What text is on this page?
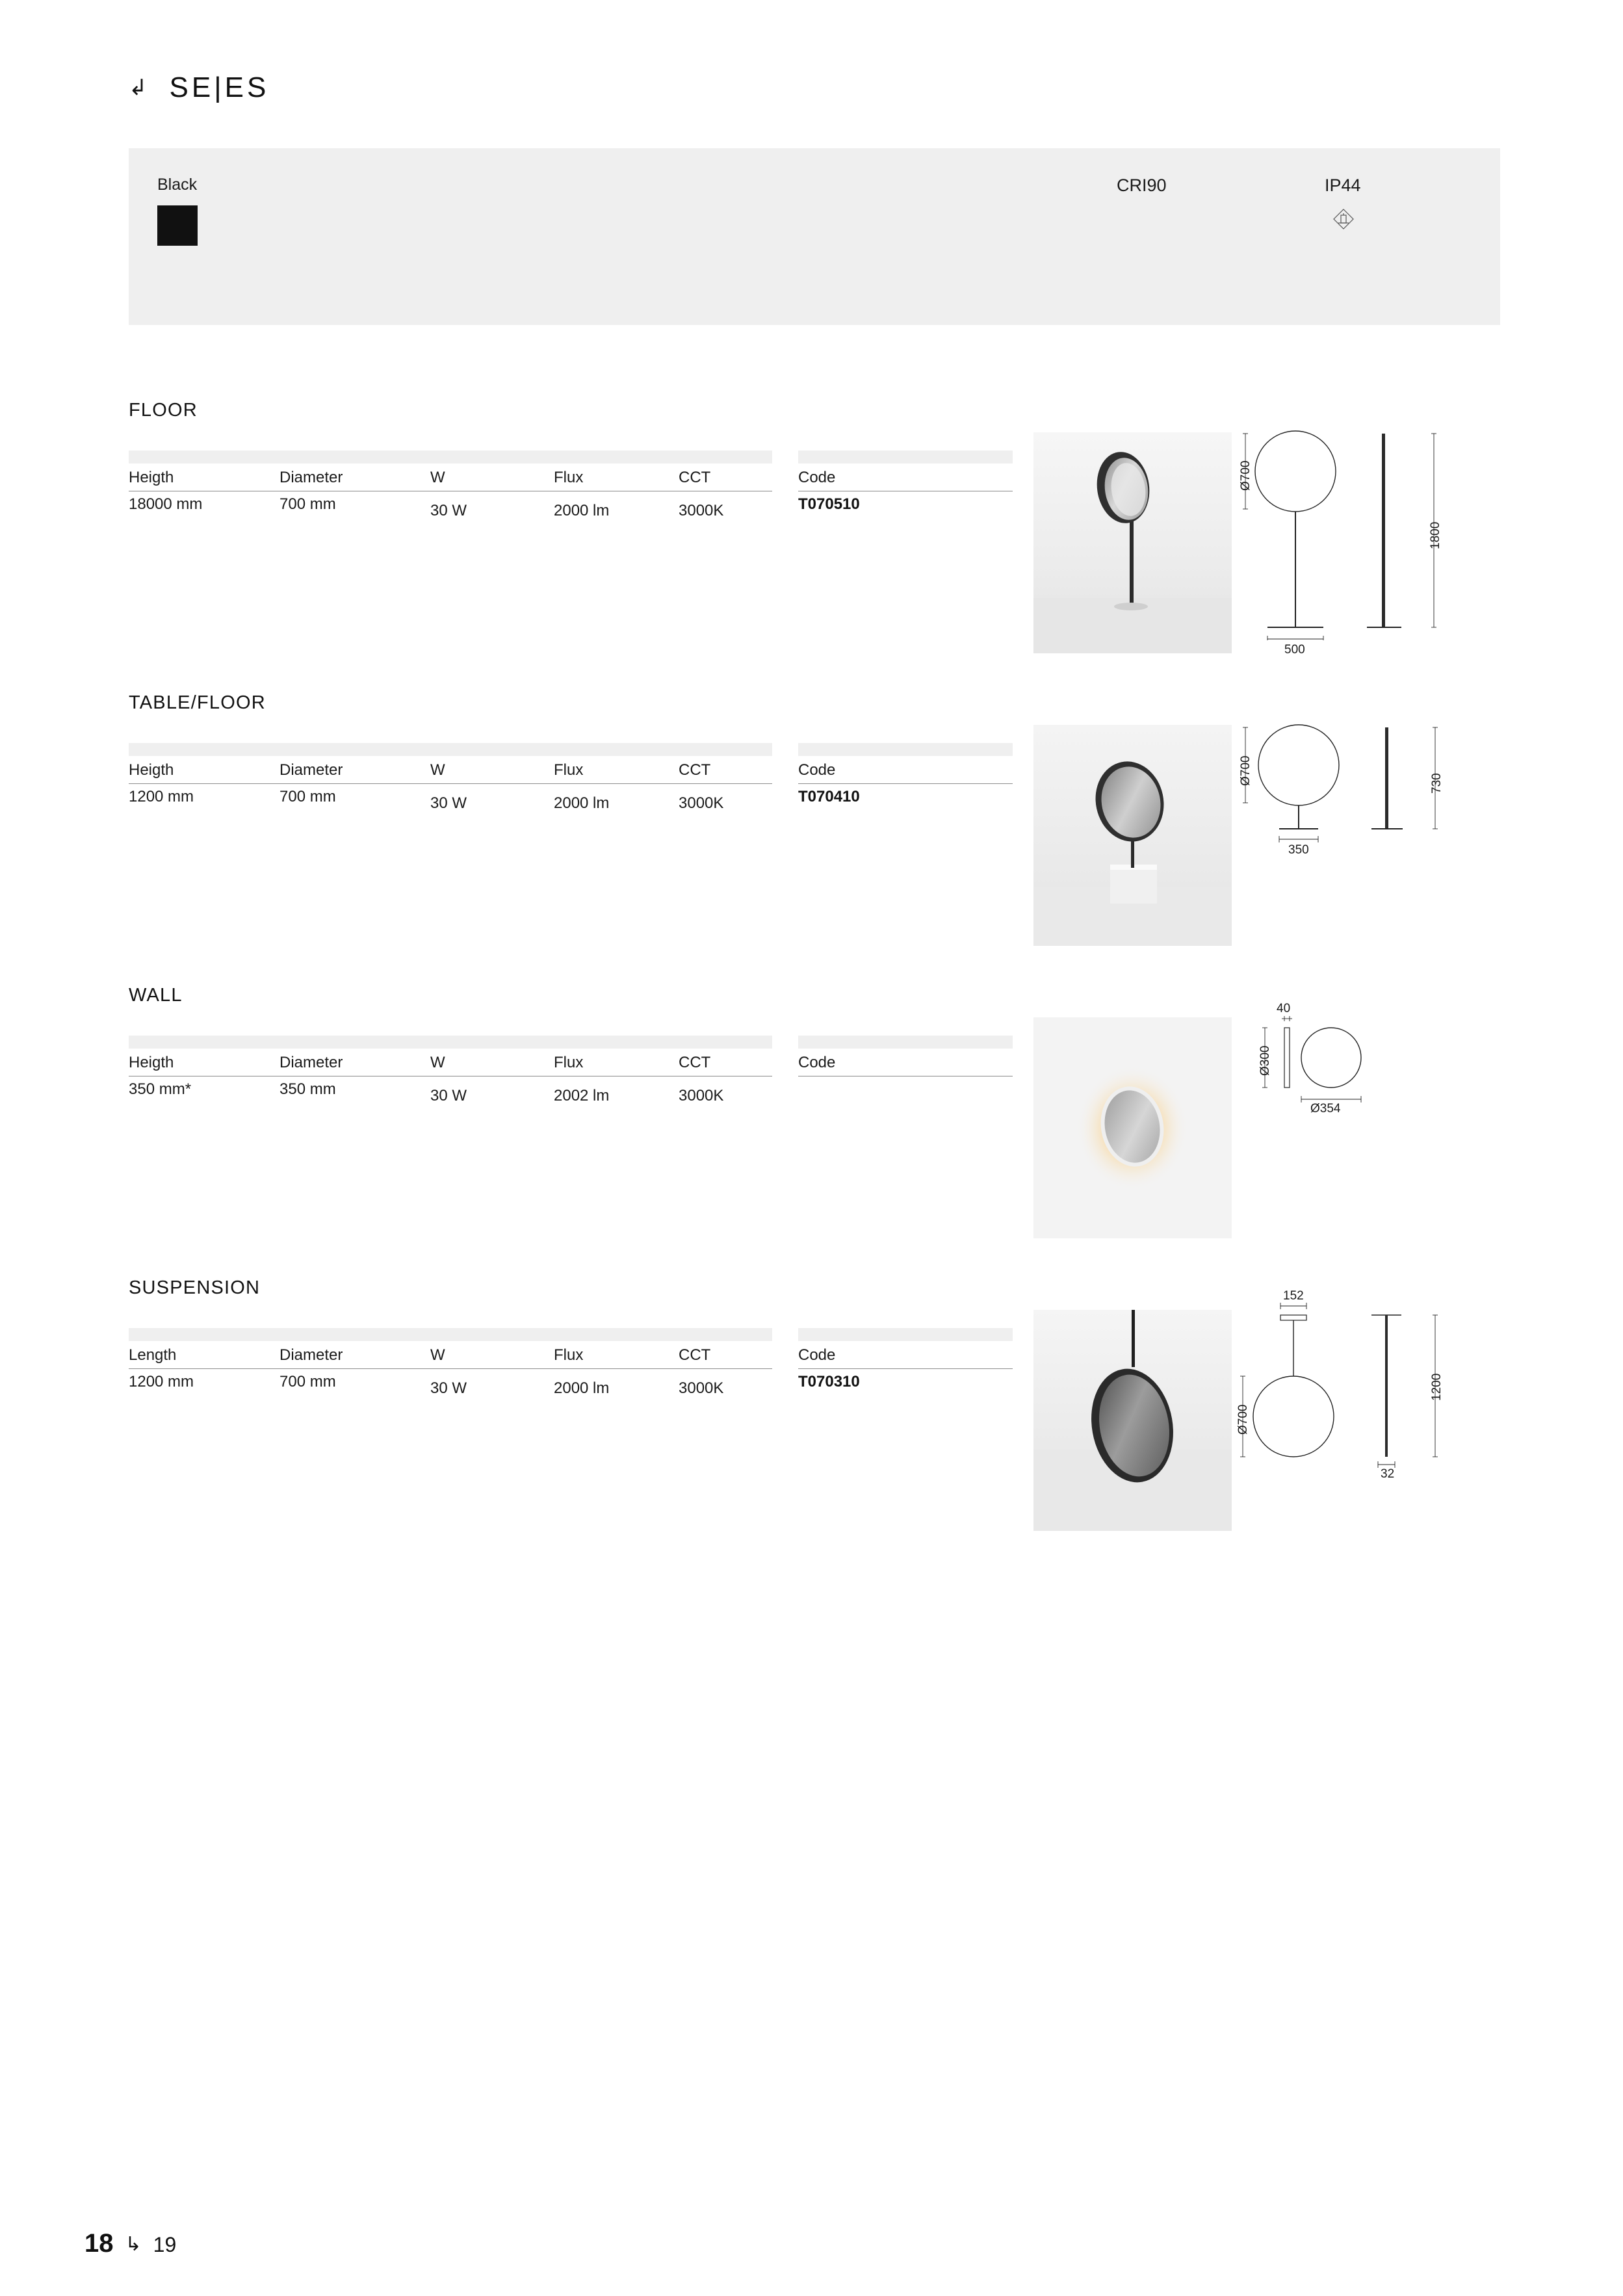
↳ SE|ES
Black	CRI90	IP44
FLOOR
Heigth	Diameter	W	Flux	CCT
18000 mm	700 mm	30 W	2000 lm	3000K
Code
T070510
Ø700
500
1800
TABLE/FLOOR
Heigth	Diameter	W	Flux	CCT
1200 mm	700 mm	30 W	2000 lm	3000K
Code
T070410
Ø700
350
730
WALL
Heigth	Diameter	W	Flux	CCT
350 mm*	350 mm	30 W	2002 lm	3000K
Code
40
Ø300
Ø354
SUSPENSION
Length	Diameter	W	Flux	CCT
1200 mm	700 mm	30 W	2000 lm	3000K
Code
T070310
152
Ø700
32
1200
18 ↳ 19
